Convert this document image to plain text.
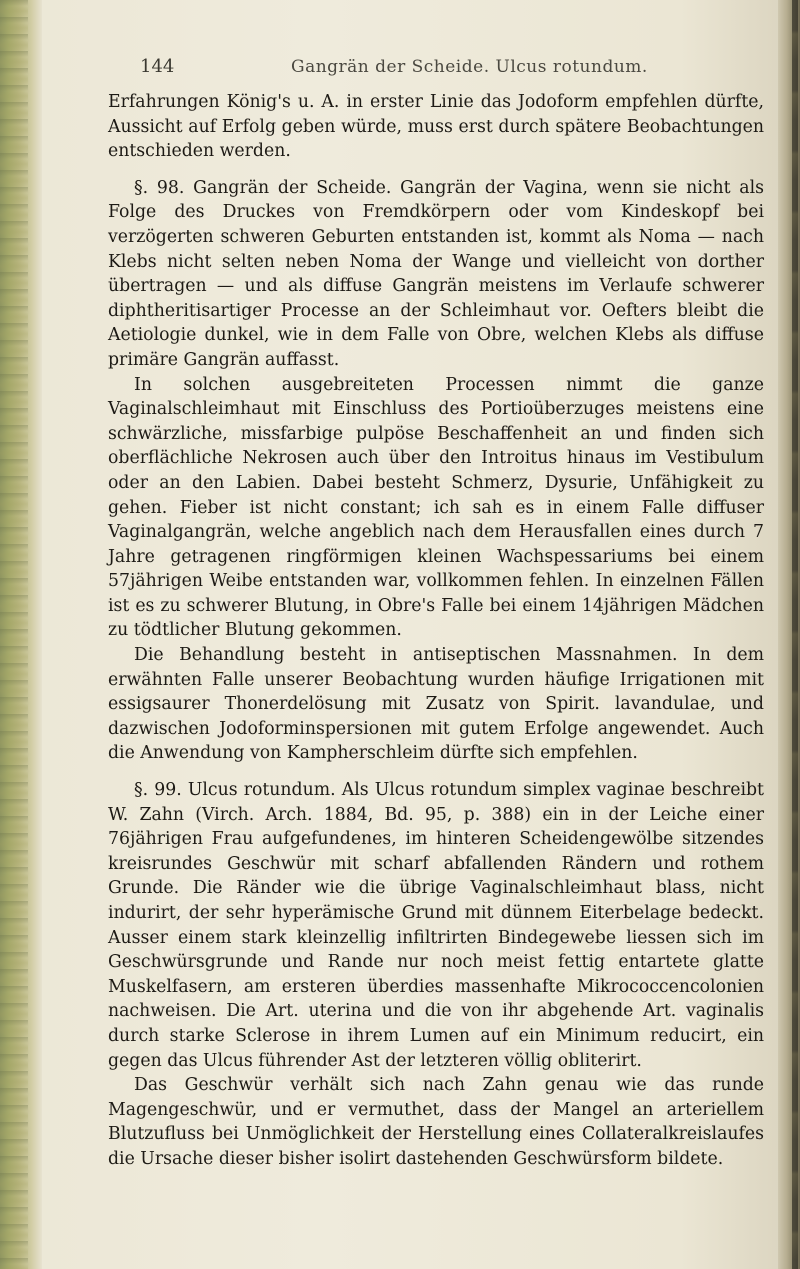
144	Gangrän der Scheide. Ulcus rotundum.

Erfahrungen König's u. A. in erster Linie das Jodoform empfehlen dürfte, Aussicht auf Erfolg geben würde, muss erst durch spätere Beobachtungen entschieden werden.

§. 98. Gangrän der Scheide. Gangrän der Vagina, wenn sie nicht als Folge des Druckes von Fremdkörpern oder vom Kindeskopf bei verzögerten schweren Geburten entstanden ist, kommt als Noma — nach Klebs nicht selten neben Noma der Wange und vielleicht von dorther übertragen — und als diffuse Gangrän meistens im Verlaufe schwerer diphtheritisartiger Processe an der Schleimhaut vor. Oefters bleibt die Aetiologie dunkel, wie in dem Falle von Obre, welchen Klebs als diffuse primäre Gangrän auffasst.

In solchen ausgebreiteten Processen nimmt die ganze Vaginalschleimhaut mit Einschluss des Portioüberzuges meistens eine schwärzliche, missfarbige pulpöse Beschaffenheit an und finden sich oberflächliche Nekrosen auch über den Introitus hinaus im Vestibulum oder an den Labien. Dabei besteht Schmerz, Dysurie, Unfähigkeit zu gehen. Fieber ist nicht constant; ich sah es in einem Falle diffuser Vaginalgangrän, welche angeblich nach dem Herausfallen eines durch 7 Jahre getragenen ringförmigen kleinen Wachspessariums bei einem 57jährigen Weibe entstanden war, vollkommen fehlen. In einzelnen Fällen ist es zu schwerer Blutung, in Obre's Falle bei einem 14jährigen Mädchen zu tödtlicher Blutung gekommen.

Die Behandlung besteht in antiseptischen Massnahmen. In dem erwähnten Falle unserer Beobachtung wurden häufige Irrigationen mit essigsaurer Thonerdelösung mit Zusatz von Spirit. lavandulae, und dazwischen Jodoforminspersionen mit gutem Erfolge angewendet. Auch die Anwendung von Kampherschleim dürfte sich empfehlen.

§. 99. Ulcus rotundum. Als Ulcus rotundum simplex vaginae beschreibt W. Zahn (Virch. Arch. 1884, Bd. 95, p. 388) ein in der Leiche einer 76jährigen Frau aufgefundenes, im hinteren Scheidengewölbe sitzendes kreisrundes Geschwür mit scharf abfallenden Rändern und rothem Grunde. Die Ränder wie die übrige Vaginalschleimhaut blass, nicht indurirt, der sehr hyperämische Grund mit dünnem Eiterbelage bedeckt. Ausser einem stark kleinzellig infiltrirten Bindegewebe liessen sich im Geschwürsgrunde und Rande nur noch meist fettig entartete glatte Muskelfasern, am ersteren überdies massenhafte Mikrococcencolonien nachweisen. Die Art. uterina und die von ihr abgehende Art. vaginalis durch starke Sclerose in ihrem Lumen auf ein Minimum reducirt, ein gegen das Ulcus führender Ast der letzteren völlig obliterirt.

Das Geschwür verhält sich nach Zahn genau wie das runde Magengeschwür, und er vermuthet, dass der Mangel an arteriellem Blutzufluss bei Unmöglichkeit der Herstellung eines Collateralkreislaufes die Ursache dieser bisher isolirt dastehenden Geschwürsform bildete.
